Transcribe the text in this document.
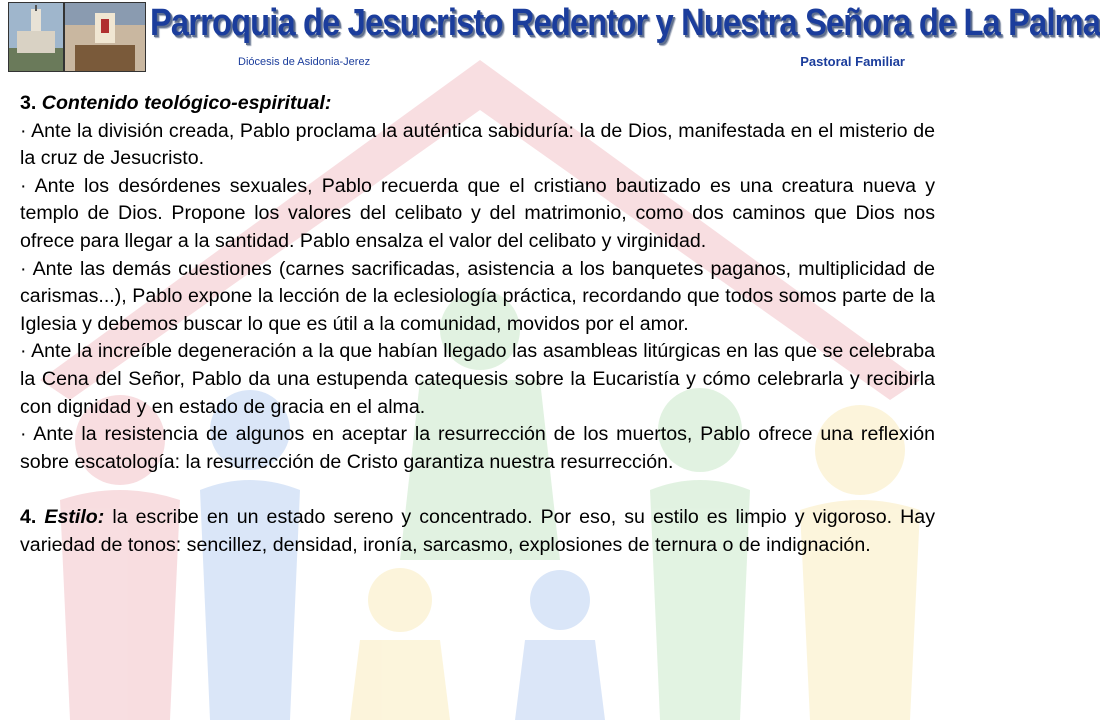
Parroquia de Jesucristo Redentor y Nuestra Señora de La Palma
Diócesis de Asidonia-Jerez	Pastoral Familiar

3. Contenido teológico-espiritual:

· Ante la división creada, Pablo proclama la auténtica sabiduría: la de Dios, manifestada en el misterio de la cruz de Jesucristo.

· Ante los desórdenes sexuales, Pablo recuerda que el cristiano bautizado es una creatura nueva y templo de Dios. Propone los valores del celibato y del matrimonio, como dos caminos que Dios nos ofrece para llegar a la santidad. Pablo ensalza el valor del celibato y virginidad.

· Ante las demás cuestiones (carnes sacrificadas, asistencia a los banquetes paganos, multiplicidad de carismas...), Pablo expone la lección de la eclesiología práctica, recordando que todos somos parte de la Iglesia y debemos buscar lo que es útil a la comunidad, movidos por el amor.

· Ante la increíble degeneración a la que habían llegado las asambleas litúrgicas en las que se celebraba la Cena del Señor, Pablo da una estupenda catequesis sobre la Eucaristía y cómo celebrarla y recibirla con dignidad y en estado de gracia en el alma.

· Ante la resistencia de algunos en aceptar la resurrección de los muertos, Pablo ofrece una reflexión sobre escatología: la resurrección de Cristo garantiza nuestra resurrección.

4. Estilo: la escribe en un estado sereno y concentrado. Por eso, su estilo es limpio y vigoroso. Hay variedad de tonos: sencillez, densidad, ironía, sarcasmo, explosiones de ternura o de indignación.
